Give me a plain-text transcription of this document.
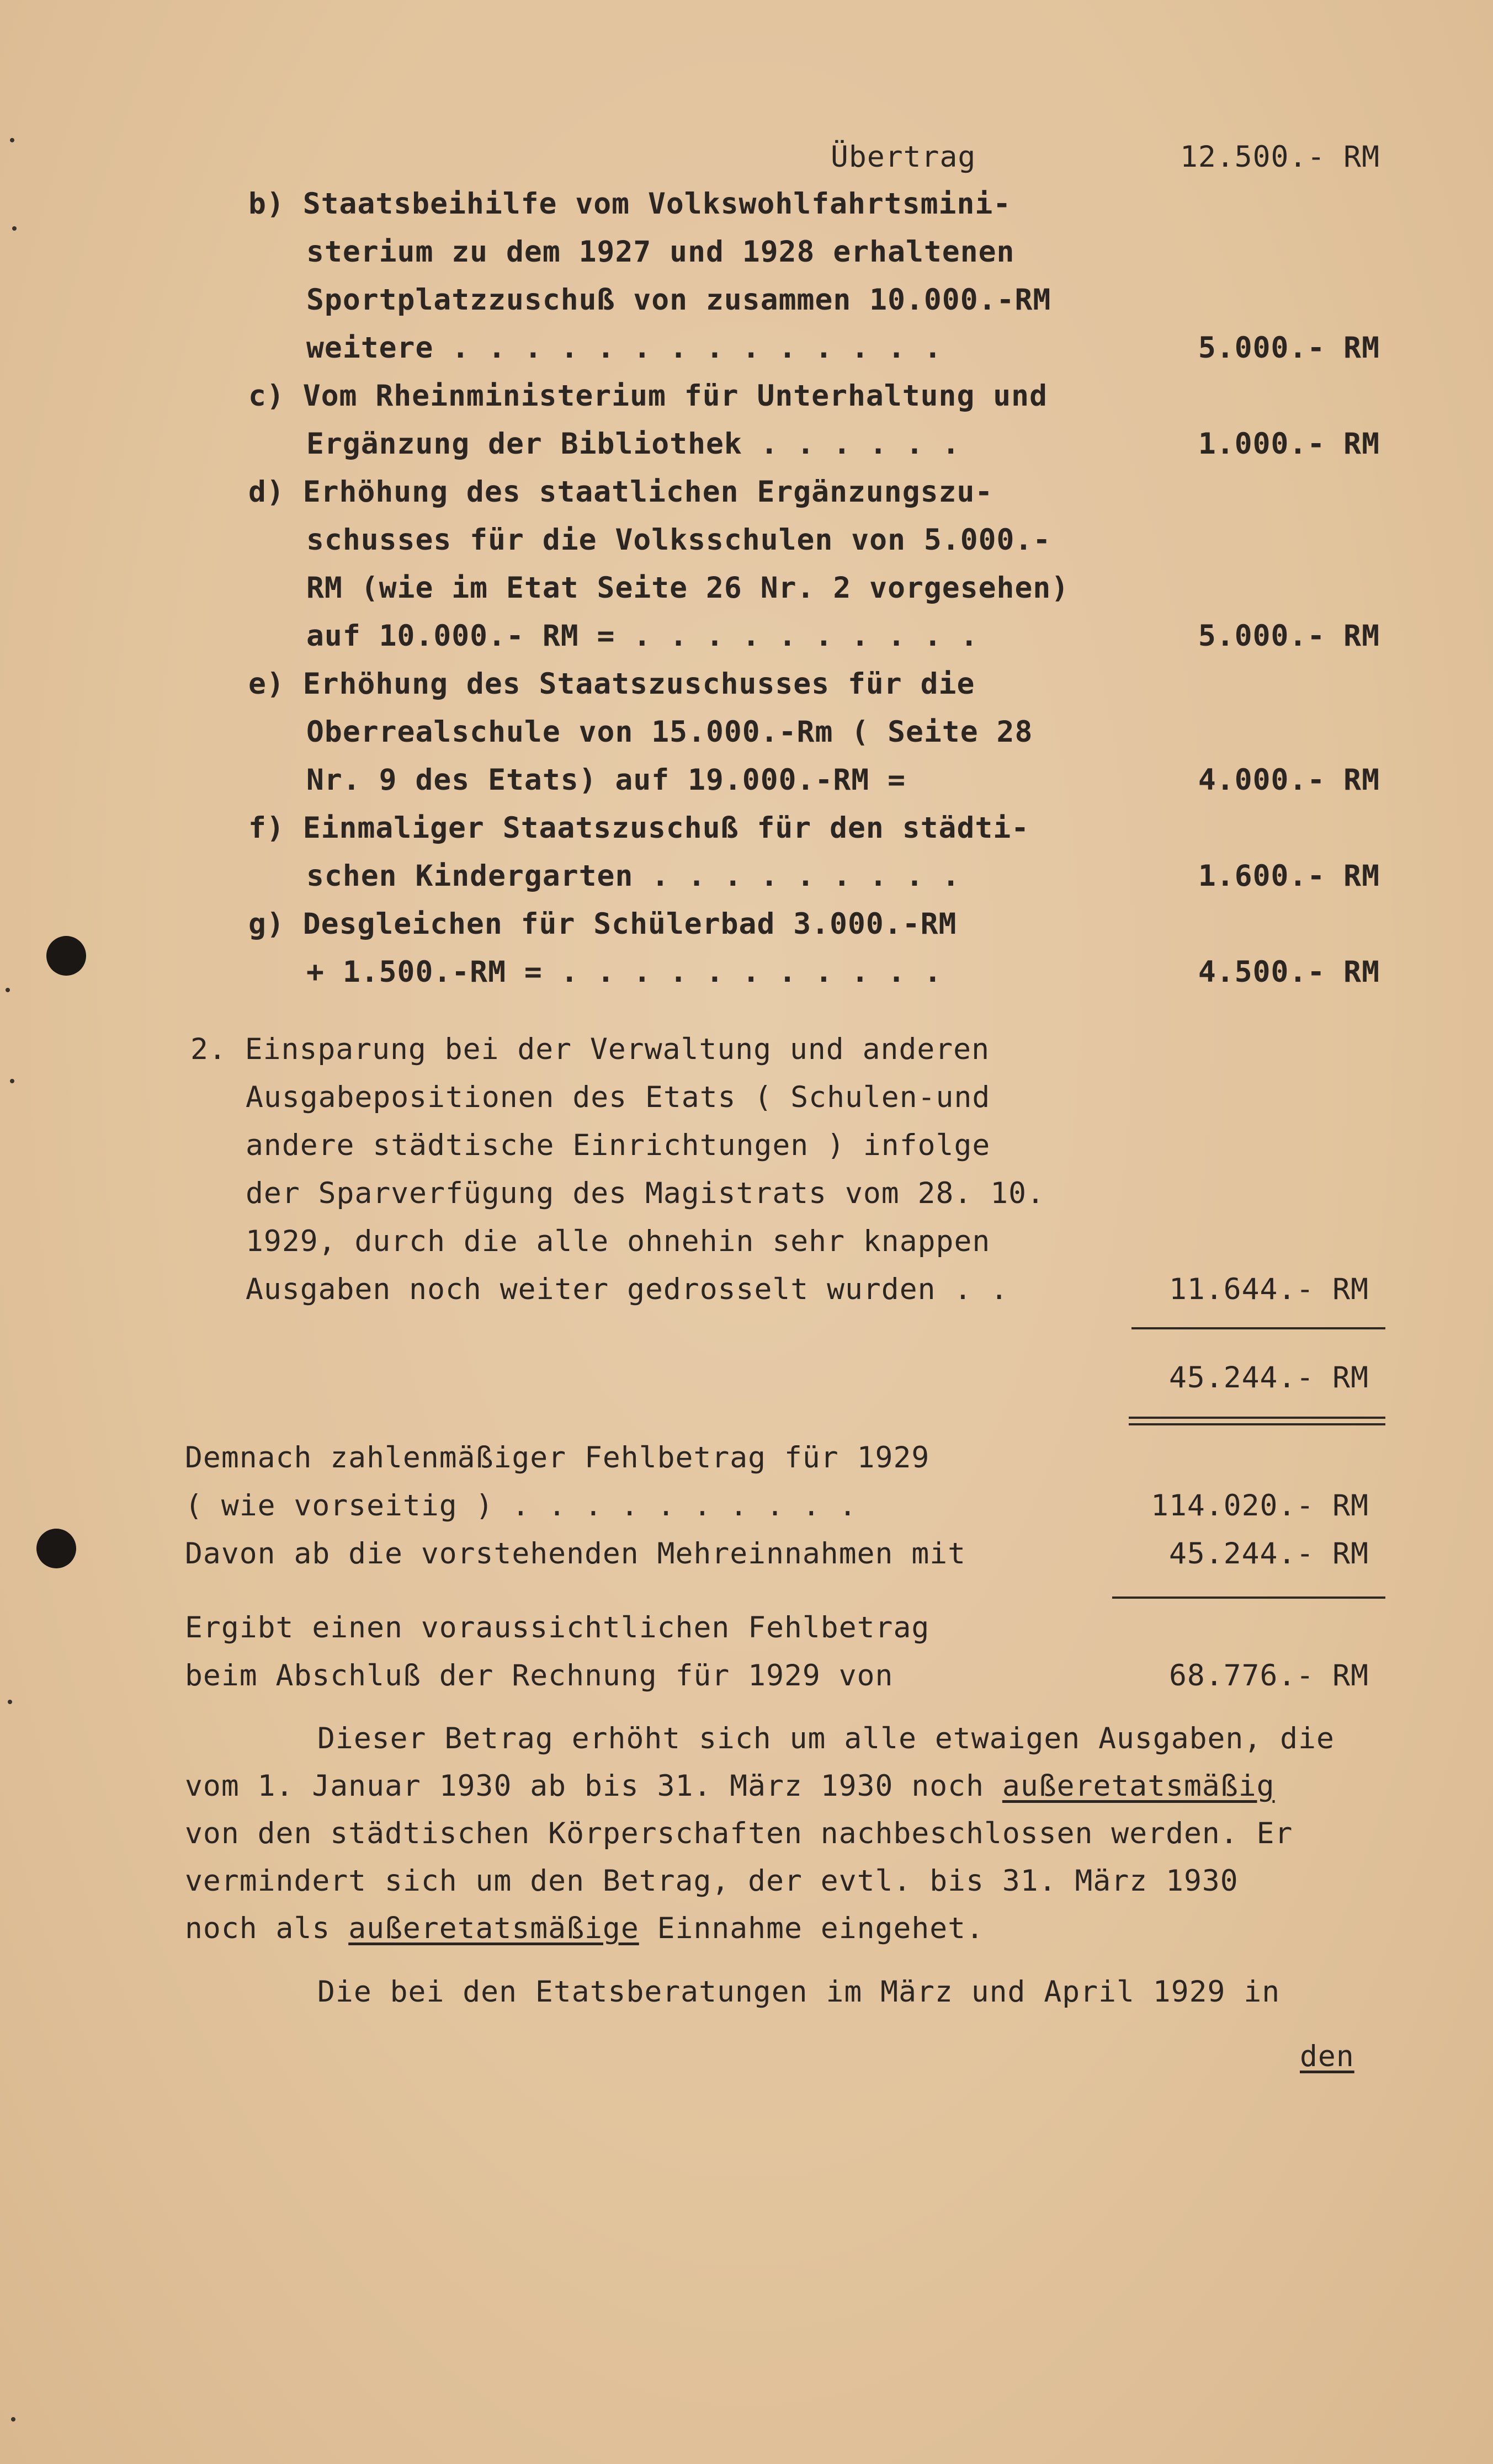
Übertrag	12.500.- RM
b) Staatsbeihilfe vom Volkswohlfahrtsmini-
sterium zu dem 1927 und 1928 erhaltenen
Sportplatzzuschuß von zusammen 10.000.-RM
weitere . . . . . . . . . . . . . .	5.000.- RM
c) Vom Rheinministerium für Unterhaltung und
Ergänzung der Bibliothek . . . . . .	1.000.- RM
d) Erhöhung des staatlichen Ergänzungszu-
schusses für die Volksschulen von 5.000.-
RM (wie im Etat Seite 26 Nr. 2 vorgesehen)
auf 10.000.- RM = . . . . . . . . . .	5.000.- RM
e) Erhöhung des Staatszuschusses für die
Oberrealschule von 15.000.-Rm ( Seite 28
Nr. 9 des Etats) auf 19.000.-RM =	4.000.- RM
f) Einmaliger Staatszuschuß für den städti-
schen Kindergarten . . . . . . . . .	1.600.- RM
g) Desgleichen für Schülerbad 3.000.-RM
+ 1.500.-RM = . . . . . . . . . . .	4.500.- RM
2. Einsparung bei der Verwaltung und anderen
Ausgabepositionen des Etats ( Schulen-und
andere städtische Einrichtungen ) infolge
der Sparverfügung des Magistrats vom 28. 10.
1929, durch die alle ohnehin sehr knappen
Ausgaben noch weiter gedrosselt wurden . .	11.644.- RM
45.244.- RM
Demnach zahlenmäßiger Fehlbetrag für 1929
( wie vorseitig ) . . . . . . . . . .	114.020.- RM
Davon ab die vorstehenden Mehreinnahmen mit	45.244.- RM
Ergibt einen voraussichtlichen Fehlbetrag
beim Abschluß der Rechnung für 1929 von	68.776.- RM
Dieser Betrag erhöht sich um alle etwaigen Ausgaben, die
vom 1. Januar 1930 ab bis 31. März 1930 noch außeretatsmäßig
von den städtischen Körperschaften nachbeschlossen werden. Er
vermindert sich um den Betrag, der evtl. bis 31. März 1930
noch als außeretatsmäßige Einnahme eingehet.
Die bei den Etatsberatungen im März und April 1929 in
den
